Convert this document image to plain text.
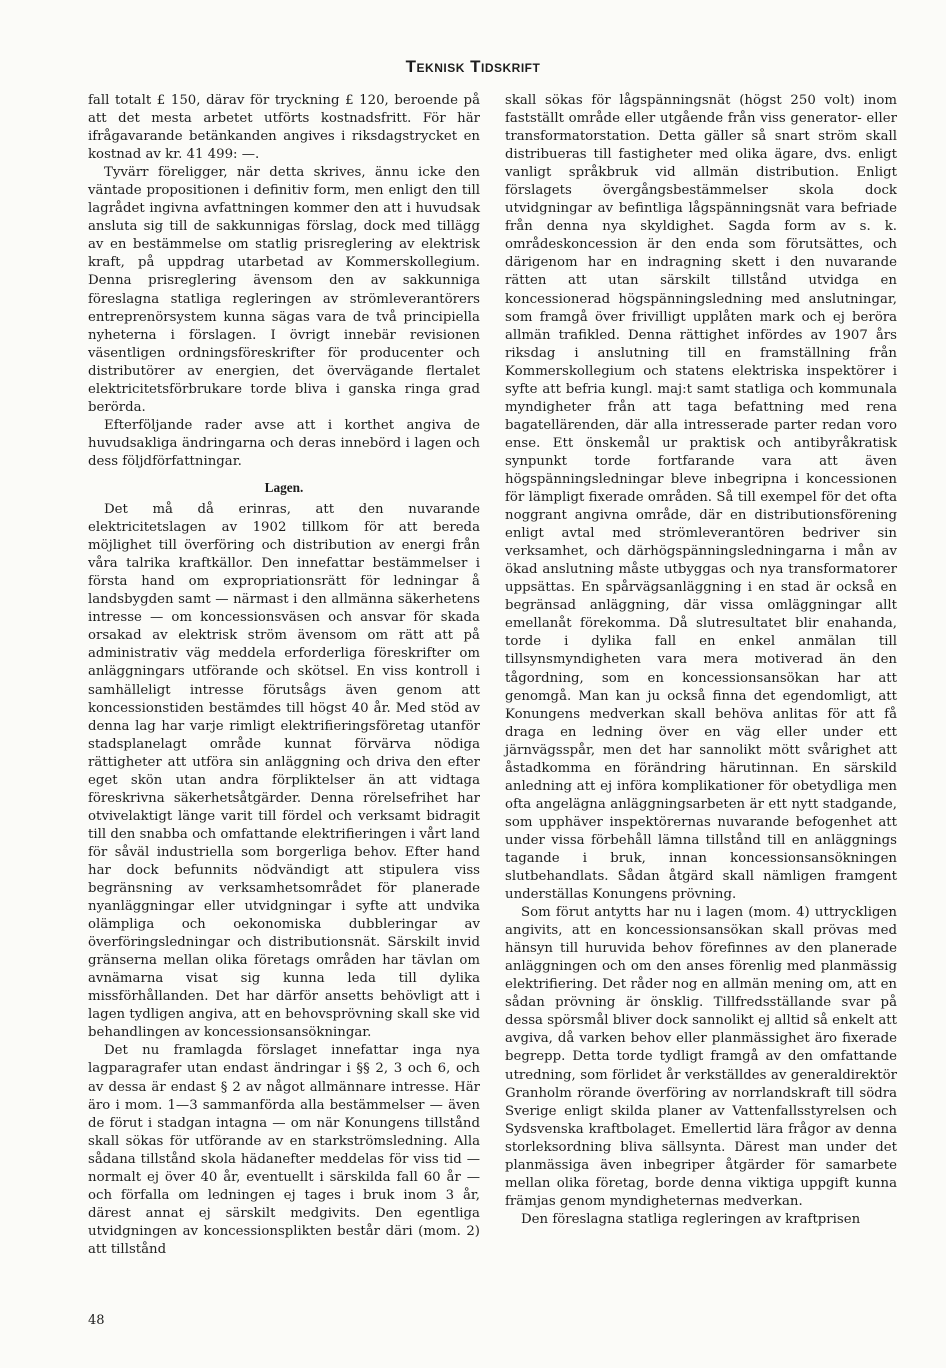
Teknisk Tidskrift

fall totalt £ 150, därav för tryckning £ 120, beroende på att det mesta arbetet utförts kostnadsfritt. För här ifrågavarande betänkanden angives i riksdagstrycket en kostnad av kr. 41 499: —.

Tyvärr föreligger, när detta skrives, ännu icke den väntade propositionen i definitiv form, men enligt den till lagrådet ingivna avfattningen kommer den att i huvudsak ansluta sig till de sakkunnigas förslag, dock med tillägg av en bestämmelse om statlig prisreglering av elektrisk kraft, på uppdrag utarbetad av Kommerskollegium. Denna prisreglering ävensom den av sakkunniga föreslagna statliga regleringen av strömleverantörers entreprenörsystem kunna sägas vara de två principiella nyheterna i förslagen. I övrigt innebär revisionen väsentligen ordningsföreskrifter för producenter och distributörer av energien, det övervägande flertalet elektricitetsförbrukare torde bliva i ganska ringa grad berörda.

Efterföljande rader avse att i korthet angiva de huvudsakliga ändringarna och deras innebörd i lagen och dess följdförfattningar.

Lagen.

Det må då erinras, att den nuvarande elektricitetslagen av 1902 tillkom för att bereda möjlighet till överföring och distribution av energi från våra talrika kraftkällor. Den innefattar bestämmelser i första hand om expropriationsrätt för ledningar å landsbygden samt — närmast i den allmänna säkerhetens intresse — om koncessionsväsen och ansvar för skada orsakad av elektrisk ström ävensom om rätt att på administrativ väg meddela erforderliga föreskrifter om anläggningars utförande och skötsel. En viss kontroll i samhälleligt intresse förutsågs även genom att koncessionstiden bestämdes till högst 40 år. Med stöd av denna lag har varje rimligt elektrifieringsföretag utanför stadsplanelagt område kunnat förvärva nödiga rättigheter att utföra sin anläggning och driva den efter eget skön utan andra förpliktelser än att vidtaga föreskrivna säkerhetsåtgärder. Denna rörelsefrihet har otvivelaktigt länge varit till fördel och verksamt bidragit till den snabba och omfattande elektrifieringen i vårt land för såväl industriella som borgerliga behov. Efter hand har dock befunnits nödvändigt att stipulera viss begränsning av verksamhetsområdet för planerade nyanläggningar eller utvidgningar i syfte att undvika olämpliga och oekonomiska dubbleringar av överföringsledningar och distributionsnät. Särskilt invid gränserna mellan olika företags områden har tävlan om avnämarna visat sig kunna leda till dylika missförhållanden. Det har därför ansetts behövligt att i lagen tydligen angiva, att en behovsprövning skall ske vid behandlingen av koncessionsansökningar.

Det nu framlagda förslaget innefattar inga nya lagparagrafer utan endast ändringar i §§ 2, 3 och 6, och av dessa är endast § 2 av något allmännare intresse. Här äro i mom. 1—3 sammanförda alla bestämmelser — även de förut i stadgan intagna — om när Konungens tillstånd skall sökas för utförande av en starkströmsledning. Alla sådana tillstånd skola hädanefter meddelas för viss tid — normalt ej över 40 år, eventuellt i särskilda fall 60 år — och förfalla om ledningen ej tages i bruk inom 3 år, därest annat ej särskilt medgivits. Den egentliga utvidgningen av koncessionsplikten består däri (mom. 2) att tillstånd

skall sökas för lågspänningsnät (högst 250 volt) inom fastställt område eller utgående från viss generator- eller transformatorstation. Detta gäller så snart ström skall distribueras till fastigheter med olika ägare, dvs. enligt vanligt språkbruk vid allmän distribution. Enligt förslagets övergångsbestämmelser skola dock utvidgningar av befintliga lågspänningsnät vara befriade från denna nya skyldighet. Sagda form av s. k. områdeskoncession är den enda som förutsättes, och därigenom har en indragning skett i den nuvarande rätten att utan särskilt tillstånd utvidga en koncessionerad högspänningsledning med anslutningar, som framgå över frivilligt upplåten mark och ej beröra allmän trafikled. Denna rättighet infördes av 1907 års riksdag i anslutning till en framställning från Kommerskollegium och statens elektriska inspektörer i syfte att befria kungl. maj:t samt statliga och kommunala myndigheter från att taga befattning med rena bagatellärenden, där alla intresserade parter redan voro ense. Ett önskemål ur praktisk och antibyråkratisk synpunkt torde fortfarande vara att även högspänningsledningar bleve inbegripna i koncessionen för lämpligt fixerade områden. Så till exempel för det ofta noggrant angivna område, där en distributionsförening enligt avtal med strömleverantören bedriver sin verksamhet, och därhögspänningsledningarna i mån av ökad anslutning måste utbyggas och nya transformatorer uppsättas. En spårvägsanläggning i en stad är också en begränsad anläggning, där vissa omläggningar allt emellanåt förekomma. Då slutresultatet blir enahanda, torde i dylika fall en enkel anmälan till tillsynsmyndigheten vara mera motiverad än den tågordning, som en koncessionsansökan har att genomgå. Man kan ju också finna det egendomligt, att Konungens medverkan skall behöva anlitas för att få draga en ledning över en väg eller under ett järnvägsspår, men det har sannolikt mött svårighet att åstadkomma en förändring härutinnan. En särskild anledning att ej införa komplikationer för obetydliga men ofta angelägna anläggningsarbeten är ett nytt stadgande, som upphäver inspektörernas nuvarande befogenhet att under vissa förbehåll lämna tillstånd till en anläggnings tagande i bruk, innan koncessionsansökningen slutbehandlats. Sådan åtgärd skall nämligen framgent underställas Konungens prövning.

Som förut antytts har nu i lagen (mom. 4) uttryckligen angivits, att en koncessionsansökan skall prövas med hänsyn till huruvida behov förefinnes av den planerade anläggningen och om den anses förenlig med planmässig elektrifiering. Det råder nog en allmän mening om, att en sådan prövning är önsklig. Tillfredsställande svar på dessa spörsmål bliver dock sannolikt ej alltid så enkelt att avgiva, då varken behov eller planmässighet äro fixerade begrepp. Detta torde tydligt framgå av den omfattande utredning, som förlidet år verkställdes av generaldirektör Granholm rörande överföring av norrlandskraft till södra Sverige enligt skilda planer av Vattenfallsstyrelsen och Sydsvenska kraftbolaget. Emellertid lära frågor av denna storleksordning bliva sällsynta. Därest man under det planmässiga även inbegriper åtgärder för samarbete mellan olika företag, borde denna viktiga uppgift kunna främjas genom myndigheternas medverkan.

Den föreslagna statliga regleringen av kraftprisen

48
